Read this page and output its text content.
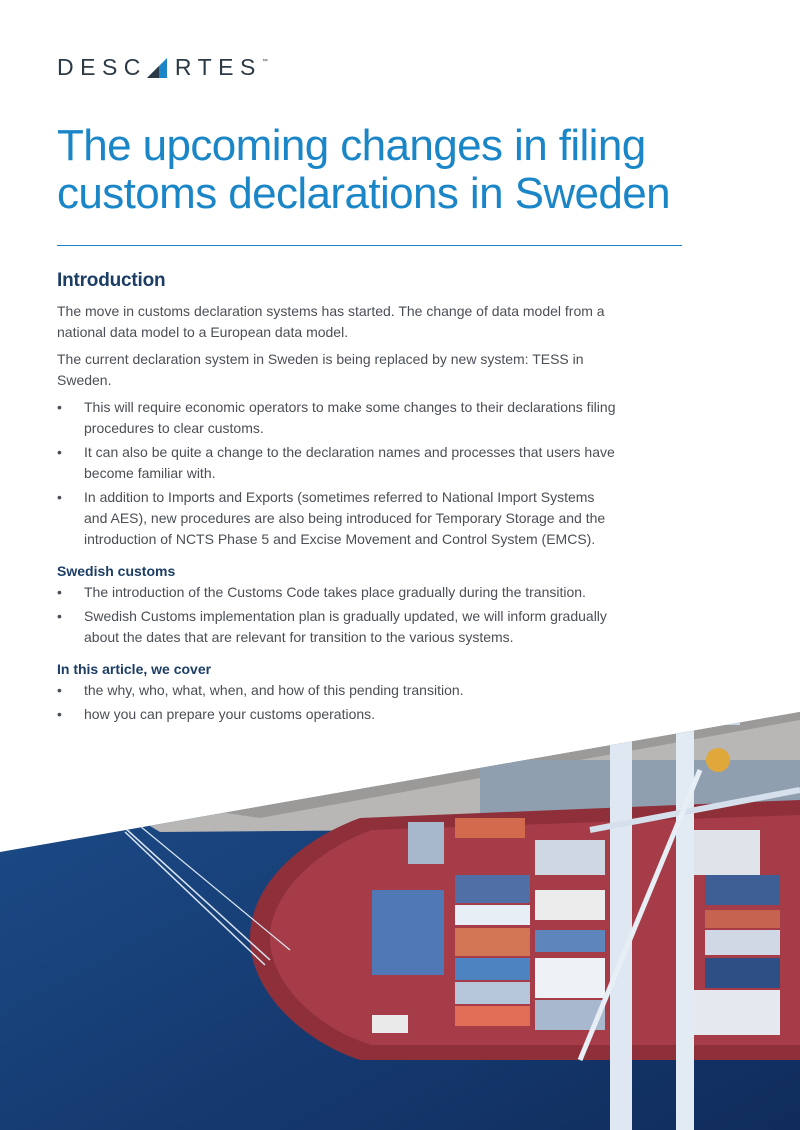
DESC RTES ™
The upcoming changes in filing customs declarations in Sweden
Introduction

The move in customs declaration systems has started. The change of data model from a national data model to a European data model.

The current declaration system in Sweden is being replaced by new system: TESS in Sweden.

• This will require economic operators to make some changes to their declarations filing procedures to clear customs.
• It can also be quite a change to the declaration names and processes that users have become familiar with.
• In addition to Imports and Exports (sometimes referred to National Import Systems and AES), new procedures are also being introduced for Temporary Storage and the introduction of NCTS Phase 5 and Excise Movement and Control System (EMCS).
Swedish customs
• The introduction of the Customs Code takes place gradually during the transition.
• Swedish Customs implementation plan is gradually updated, we will inform gradually about the dates that are relevant for transition to the various systems.
In this article, we cover
• the why, who, what, when, and how of this pending transition.
• how you can prepare your customs operations.
